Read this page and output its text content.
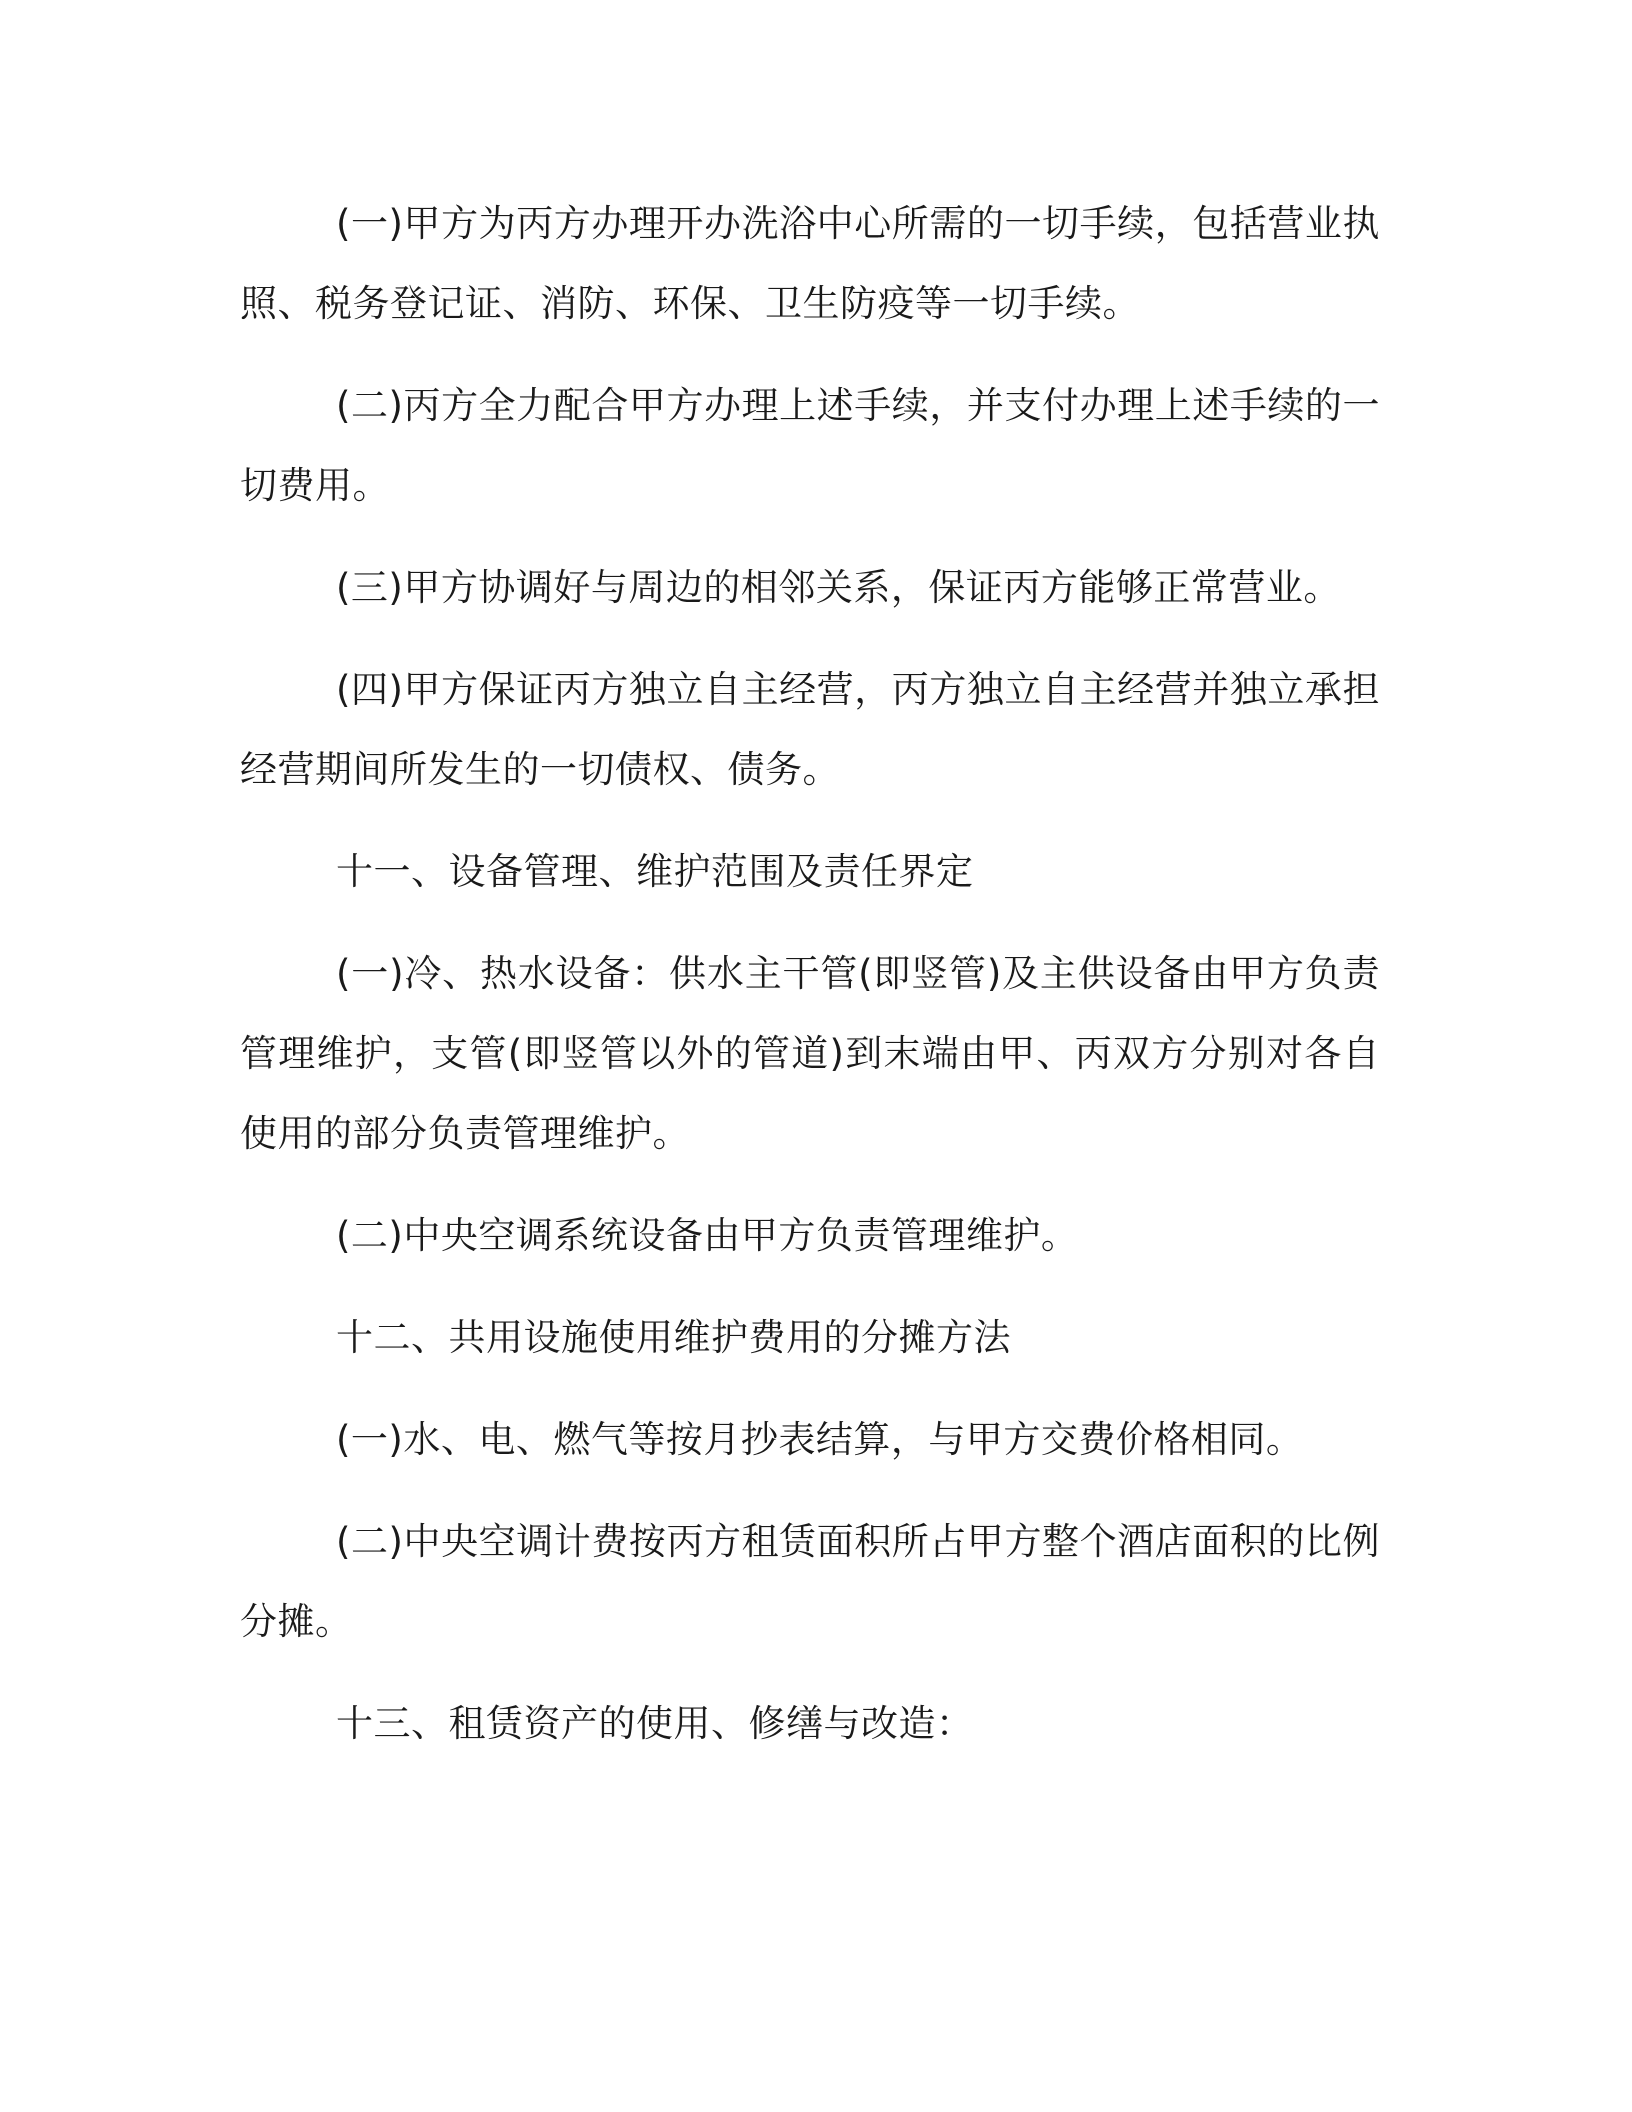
(一)甲方为丙方办理开办洗浴中心所需的一切手续，包括营业执照、税务登记证、消防、环保、卫生防疫等一切手续。

(二)丙方全力配合甲方办理上述手续，并支付办理上述手续的一切费用。

(三)甲方协调好与周边的相邻关系，保证丙方能够正常营业。

(四)甲方保证丙方独立自主经营，丙方独立自主经营并独立承担经营期间所发生的一切债权、债务。

十一、设备管理、维护范围及责任界定

(一)冷、热水设备：供水主干管(即竖管)及主供设备由甲方负责管理维护，支管(即竖管以外的管道)到末端由甲、丙双方分别对各自使用的部分负责管理维护。

(二)中央空调系统设备由甲方负责管理维护。

十二、共用设施使用维护费用的分摊方法

(一)水、电、燃气等按月抄表结算，与甲方交费价格相同。

(二)中央空调计费按丙方租赁面积所占甲方整个酒店面积的比例分摊。

十三、租赁资产的使用、修缮与改造：
